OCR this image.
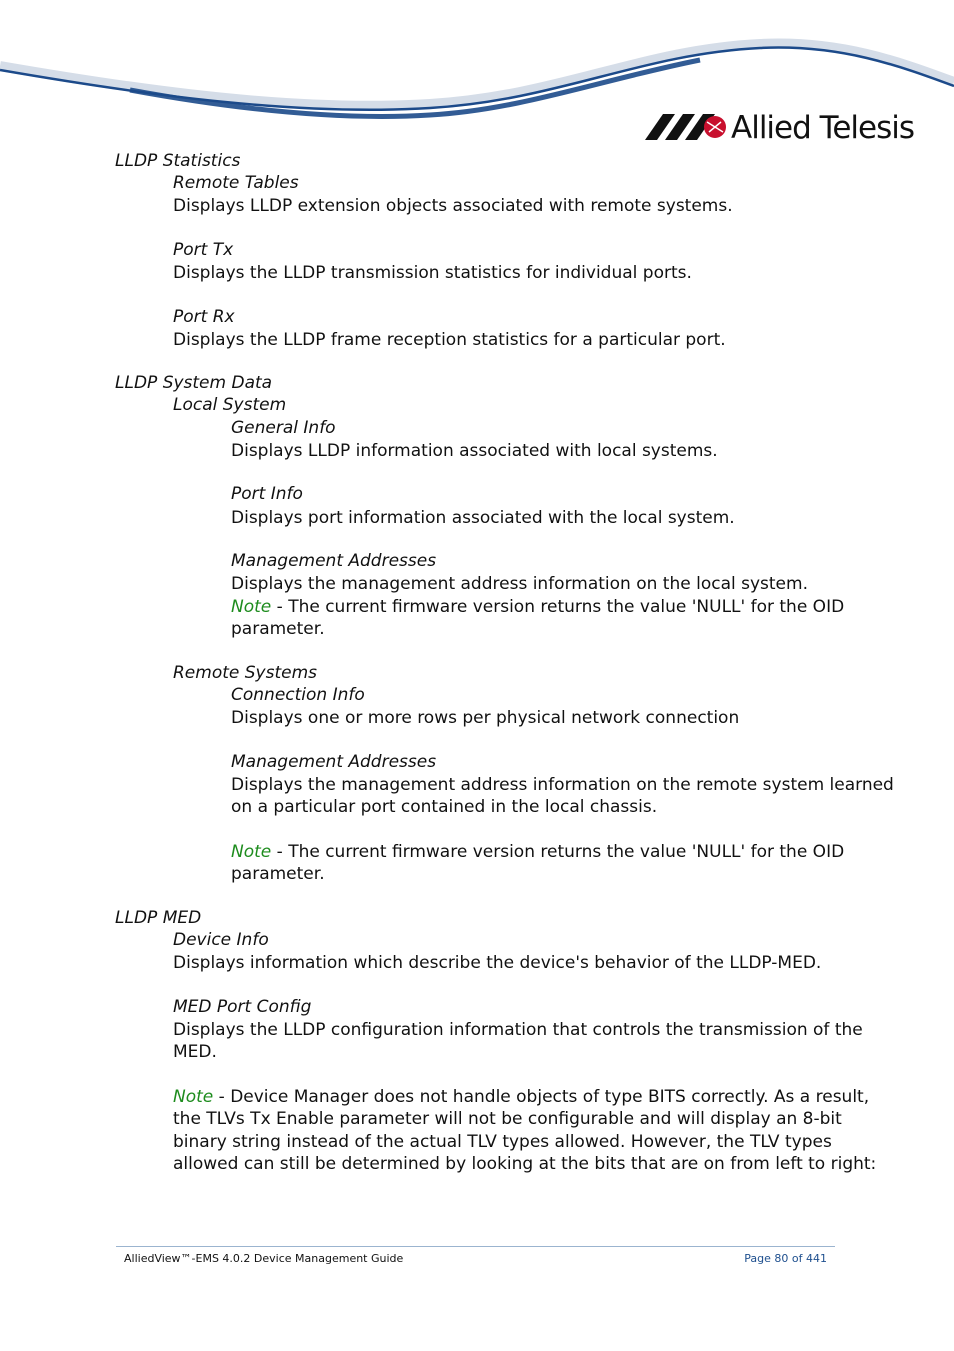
Allied Telesis
LLDP Statistics
Remote Tables
Displays LLDP extension objects associated with remote systems.
Port Tx
Displays the LLDP transmission statistics for individual ports.
Port Rx
Displays the LLDP frame reception statistics for a particular port.
LLDP System Data
Local System
General Info
Displays LLDP information associated with local systems.
Port Info
Displays port information associated with the local system.
Management Addresses
Displays the management address information on the local system.
Note - The current firmware version returns the value 'NULL' for the OID
parameter.
Remote Systems
Connection Info
Displays one or more rows per physical network connection
Management Addresses
Displays the management address information on the remote system learned
on a particular port contained in the local chassis.
Note - The current firmware version returns the value 'NULL' for the OID
parameter.
LLDP MED
Device Info
Displays information which describe the device's behavior of the LLDP-MED.
MED Port Config
Displays the LLDP configuration information that controls the transmission of the
MED.
Note - Device Manager does not handle objects of type BITS correctly. As a result,
the TLVs Tx Enable parameter will not be configurable and will display an 8-bit
binary string instead of the actual TLV types allowed. However, the TLV types
allowed can still be determined by looking at the bits that are on from left to right:
AlliedView™-EMS 4.0.2 Device Management Guide	Page 80 of 441
